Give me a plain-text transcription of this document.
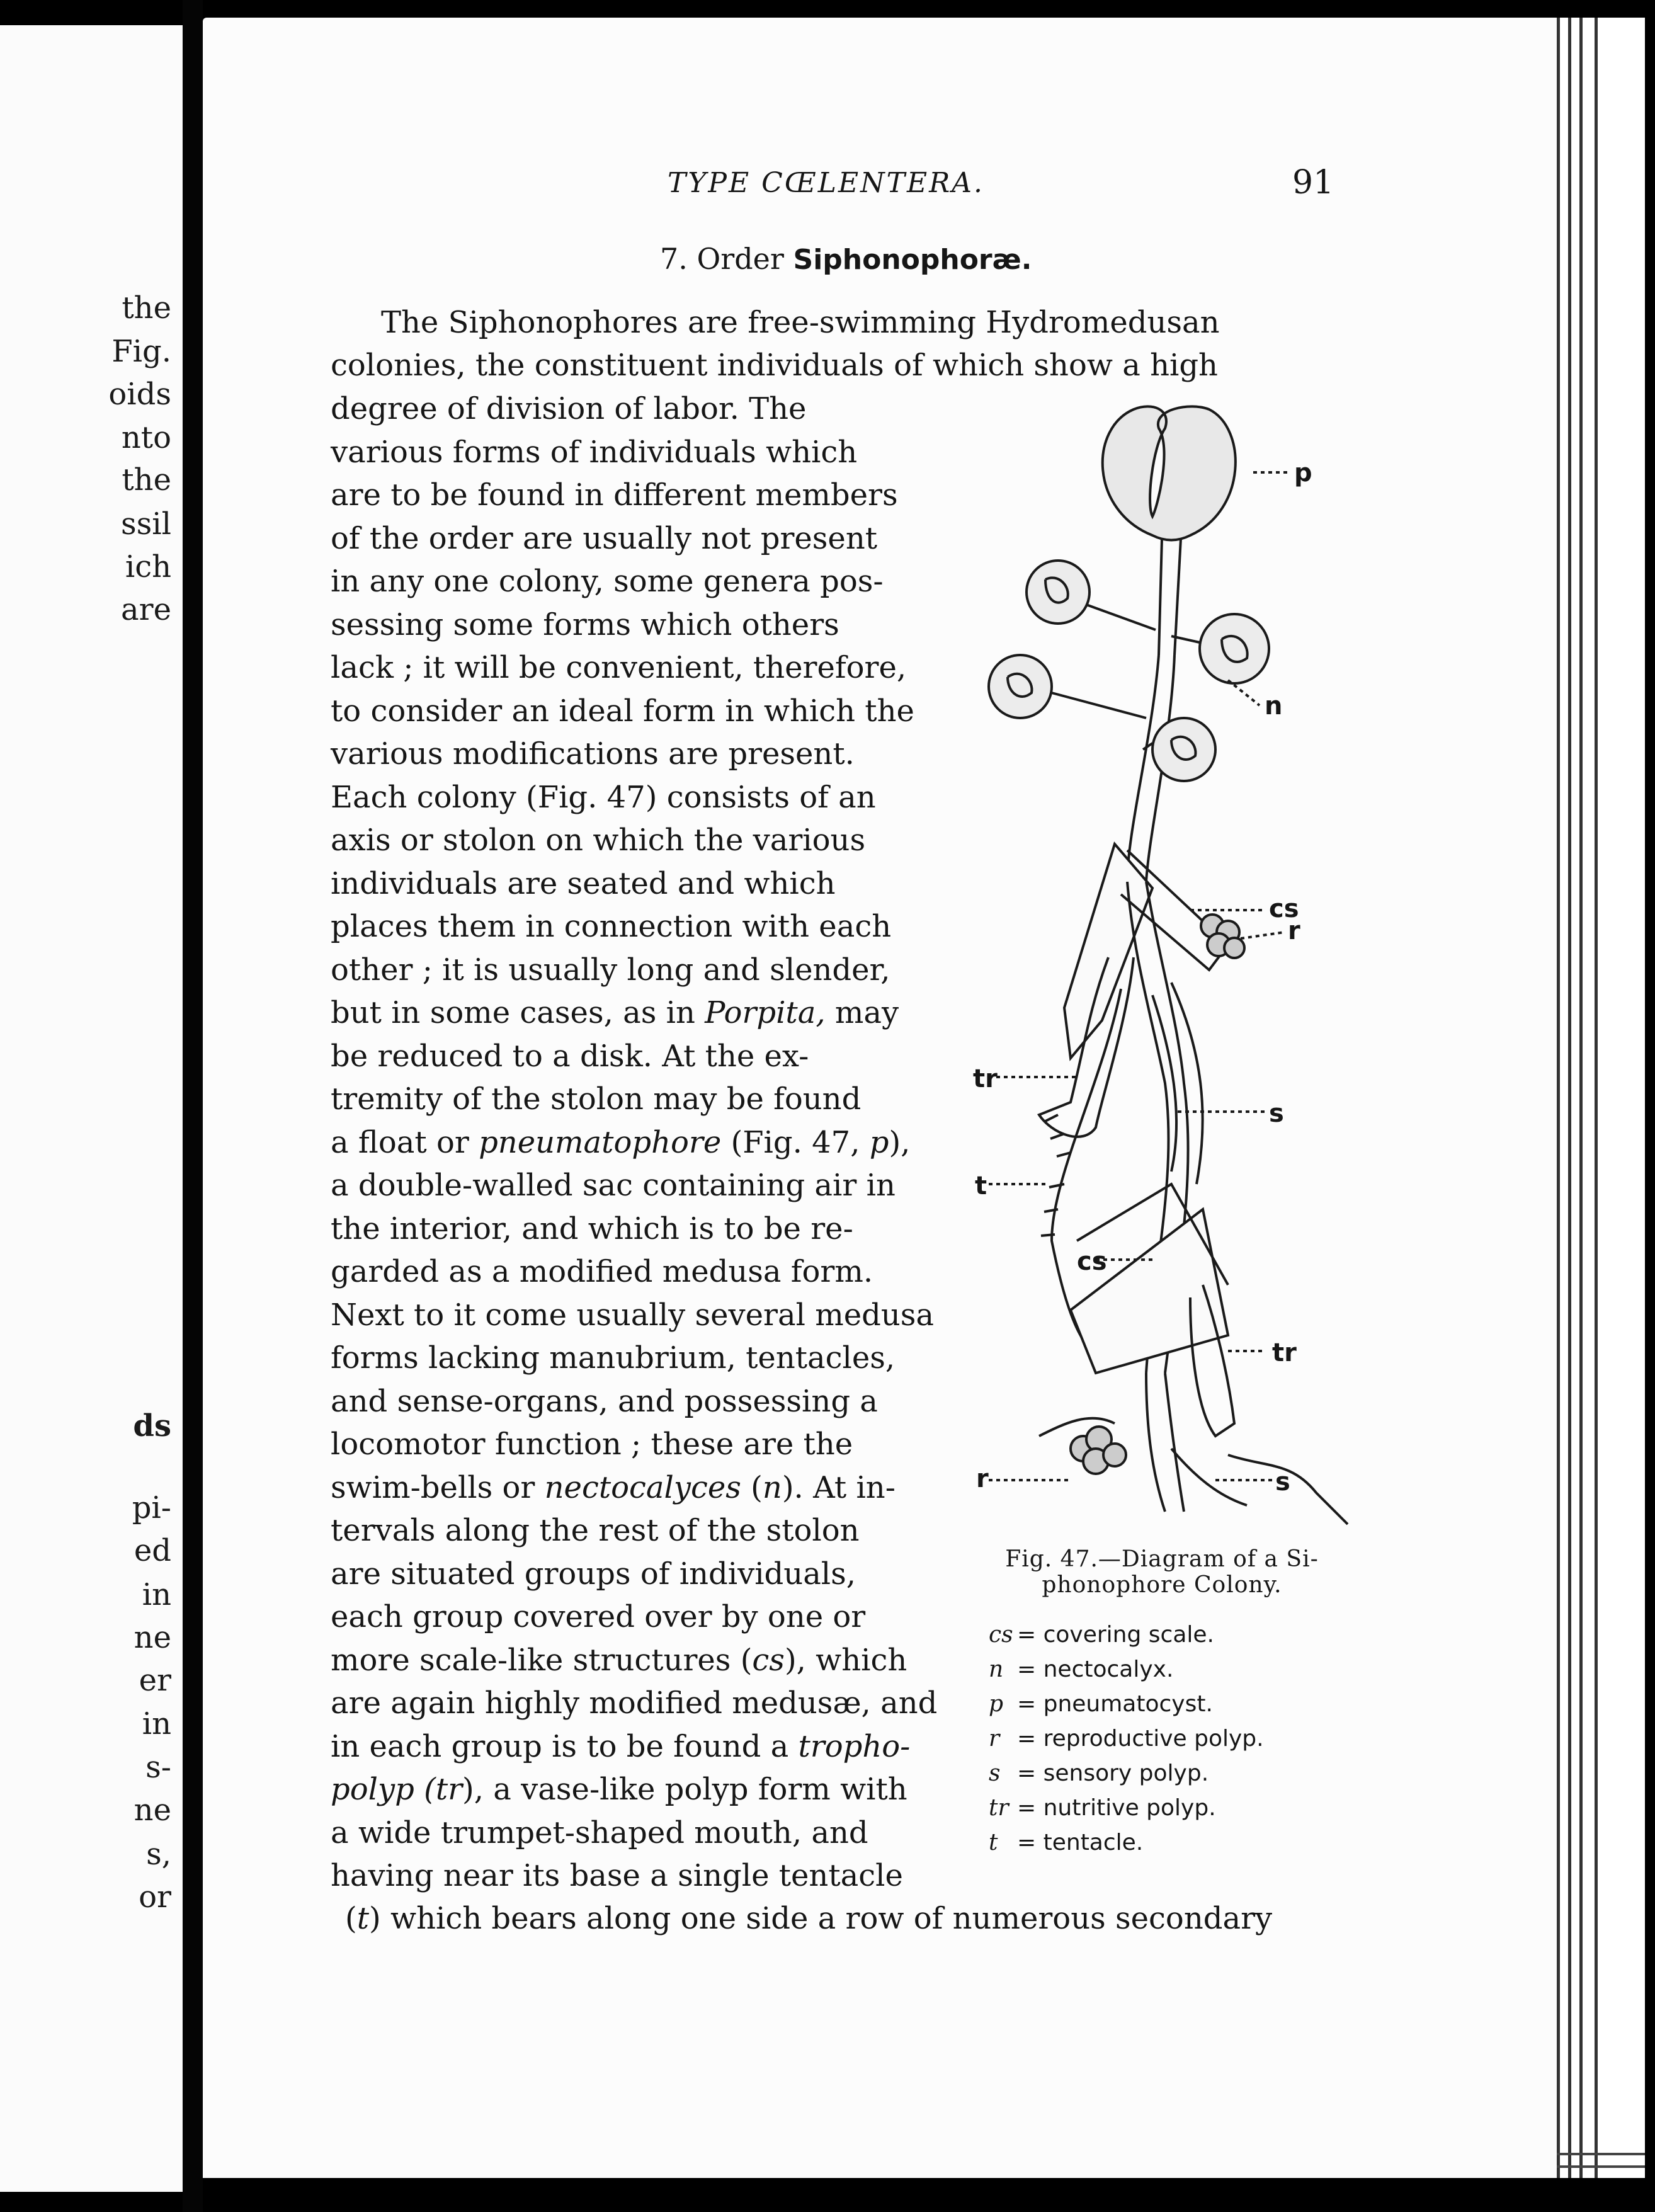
the
Fig.
oids
nto
the
ssil
ich
are
ds
pi-
ed
in
ne
er
in
s-
ne
s,
or
TYPE CŒLENTERA.	91
7. Order Siphonophoræ.
The Siphonophores are free-swimming Hydromedusan
colonies, the constituent individuals of which show a high
degree of division of labor. The
various forms of individuals which
are to be found in different members
of the order are usually not present
in any one colony, some genera pos-
sessing some forms which others
lack ; it will be convenient, therefore,
to consider an ideal form in which the
various modifications are present.
Each colony (Fig. 47) consists of an
axis or stolon on which the various
individuals are seated and which
places them in connection with each
other ; it is usually long and slender,
but in some cases, as in Porpita, may
be reduced to a disk. At the ex-
tremity of the stolon may be found
a float or pneumatophore (Fig. 47, p ),
a double-walled sac containing air in
the interior, and which is to be re-
garded as a modified medusa form.
Next to it come usually several medusa
forms lacking manubrium, tentacles,
and sense-organs, and possessing a
locomotor function ; these are the
swim-bells or nectocalyces ( n ). At in-
tervals along the rest of the stolon
are situated groups of individuals,
each group covered over by one or
more scale-like structures ( cs ), which
are again highly modified medusæ, and
in each group is to be found a tropho-
polyp ( tr ), a vase-like polyp form with
a wide trumpet-shaped mouth, and
having near its base a single tentacle
( t ) which bears along one side a row of numerous secondary
p
n
cs
r
tr
s
t
cs
tr
r	s
Fig. 47.—Diagram of a Si-
phonophore Colony.
cs = covering scale.
n = nectocalyx.
p = pneumatocyst.
r = reproductive polyp.
s = sensory polyp.
tr = nutritive polyp.
t = tentacle.
